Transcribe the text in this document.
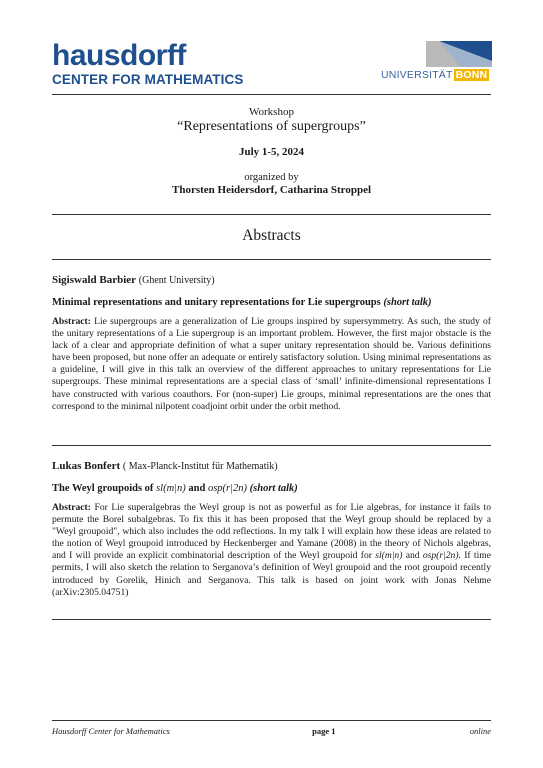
hausdorff
CENTER FOR MATHEMATICS	UNIVERSITÄT BONN
Workshop
“Representations of supergroups”
July 1-5, 2024
organized by
Thorsten Heidersdorf, Catharina Stroppel
Abstracts
Sigiswald Barbier (Ghent University)
Minimal representations and unitary representations for Lie supergroups (short talk)
Abstract: Lie supergroups are a generalization of Lie groups inspired by supersymmetry. As such, the study of the unitary representations of a Lie supergroup is an important problem. However, the first major obstacle is the lack of a clear and appropriate definition of what a super unitary representation should be. Various definitions have been proposed, but none offer an adequate or entirely satisfactory solution. Using minimal representations as a guideline, I will give in this talk an overview of the different approaches to unitary representations for Lie supergroups. These minimal representations are a special class of ‘small’ infinite-dimensional representations I have constructed with various coauthors. For (non-super) Lie groups, minimal representations are the ones that correspond to the minimal nilpotent coadjoint orbit under the orbit method.
Lukas Bonfert ( Max-Planck-Institut für Mathematik)
The Weyl groupoids of sl(m|n) and osp(r|2n) (short talk)
Abstract: For Lie superalgebras the Weyl group is not as powerful as for Lie algebras, for instance it fails to permute the Borel subalgebras. To fix this it has been proposed that the Weyl group should be replaced by a "Weyl groupoid", which also includes the odd reflections. In my talk I will explain how these ideas are related to the notion of Weyl groupoid introduced by Heckenberger and Yamane (2008) in the theory of Nichols algebras, and I will provide an explicit combinatorial description of the Weyl groupoid for sl(m|n) and osp(r|2n). If time permits, I will also sketch the relation to Serganova’s definition of Weyl groupoid and the root groupoid recently introduced by Gorelik, Hinich and Serganova. This talk is based on joint work with Jonas Nehme (arXiv:2305.04751)
Hausdorff Center for Mathematics	page 1	online
